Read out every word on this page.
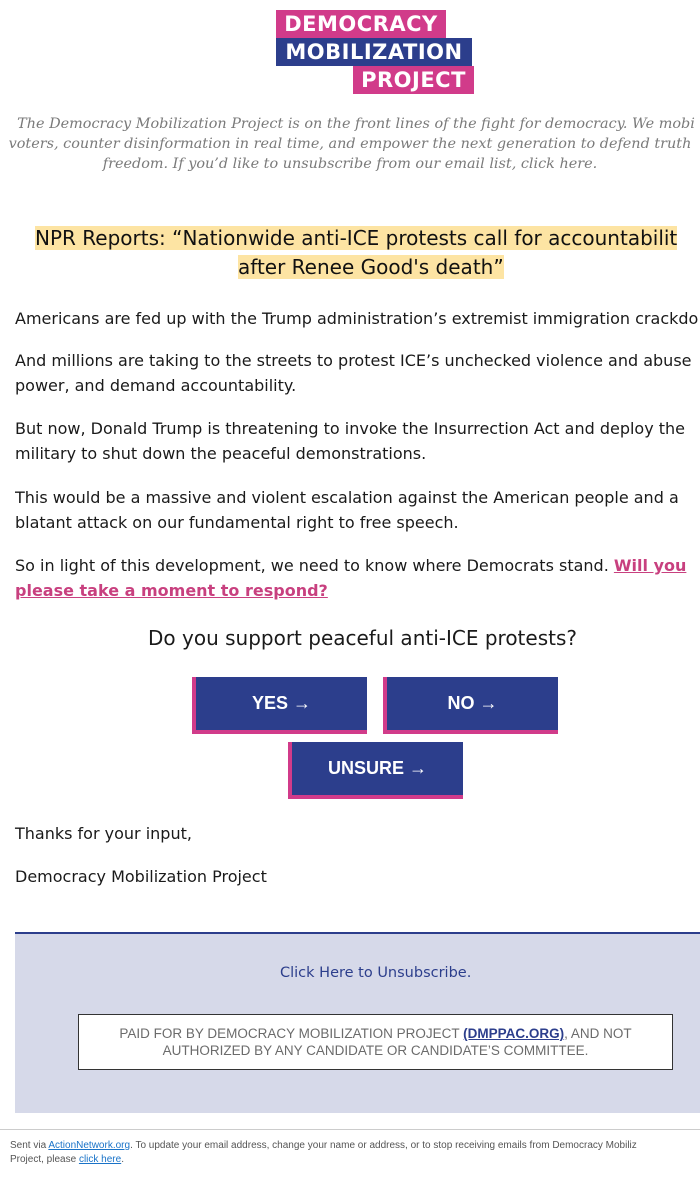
DEMOCRACY
MOBILIZATION
PROJECT

The Democracy Mobilization Project is on the front lines of the fight for democracy. We mobi

voters, counter disinformation in real time, and empower the next generation to defend truth

freedom. If you’d like to unsubscribe from our email list, click here.

NPR Reports: “Nationwide anti-ICE protests call for accountabilit

after Renee Good's death”

Americans are fed up with the Trump administration’s extremist immigration crackdo
And millions are taking to the streets to protest ICE’s unchecked violence and abuse
power, and demand accountability.
But now, Donald Trump is threatening to invoke the Insurrection Act and deploy the
military to shut down the peaceful demonstrations.
This would be a massive and violent escalation against the American people and a
blatant attack on our fundamental right to free speech.
So in light of this development, we need to know where Democrats stand. Will you
please take a moment to respond?
Do you support peaceful anti-ICE protests?
YES →	NO →
UNSURE →
Thanks for your input,
Democracy Mobilization Project
Click Here to Unsubscribe.
PAID FOR BY DEMOCRACY MOBILIZATION PROJECT (DMPPAC.ORG), AND NOT
AUTHORIZED BY ANY CANDIDATE OR CANDIDATE’S COMMITTEE.
Sent via ActionNetwork.org. To update your email address, change your name or address, or to stop receiving emails from Democracy Mobiliz
Project, please click here.
